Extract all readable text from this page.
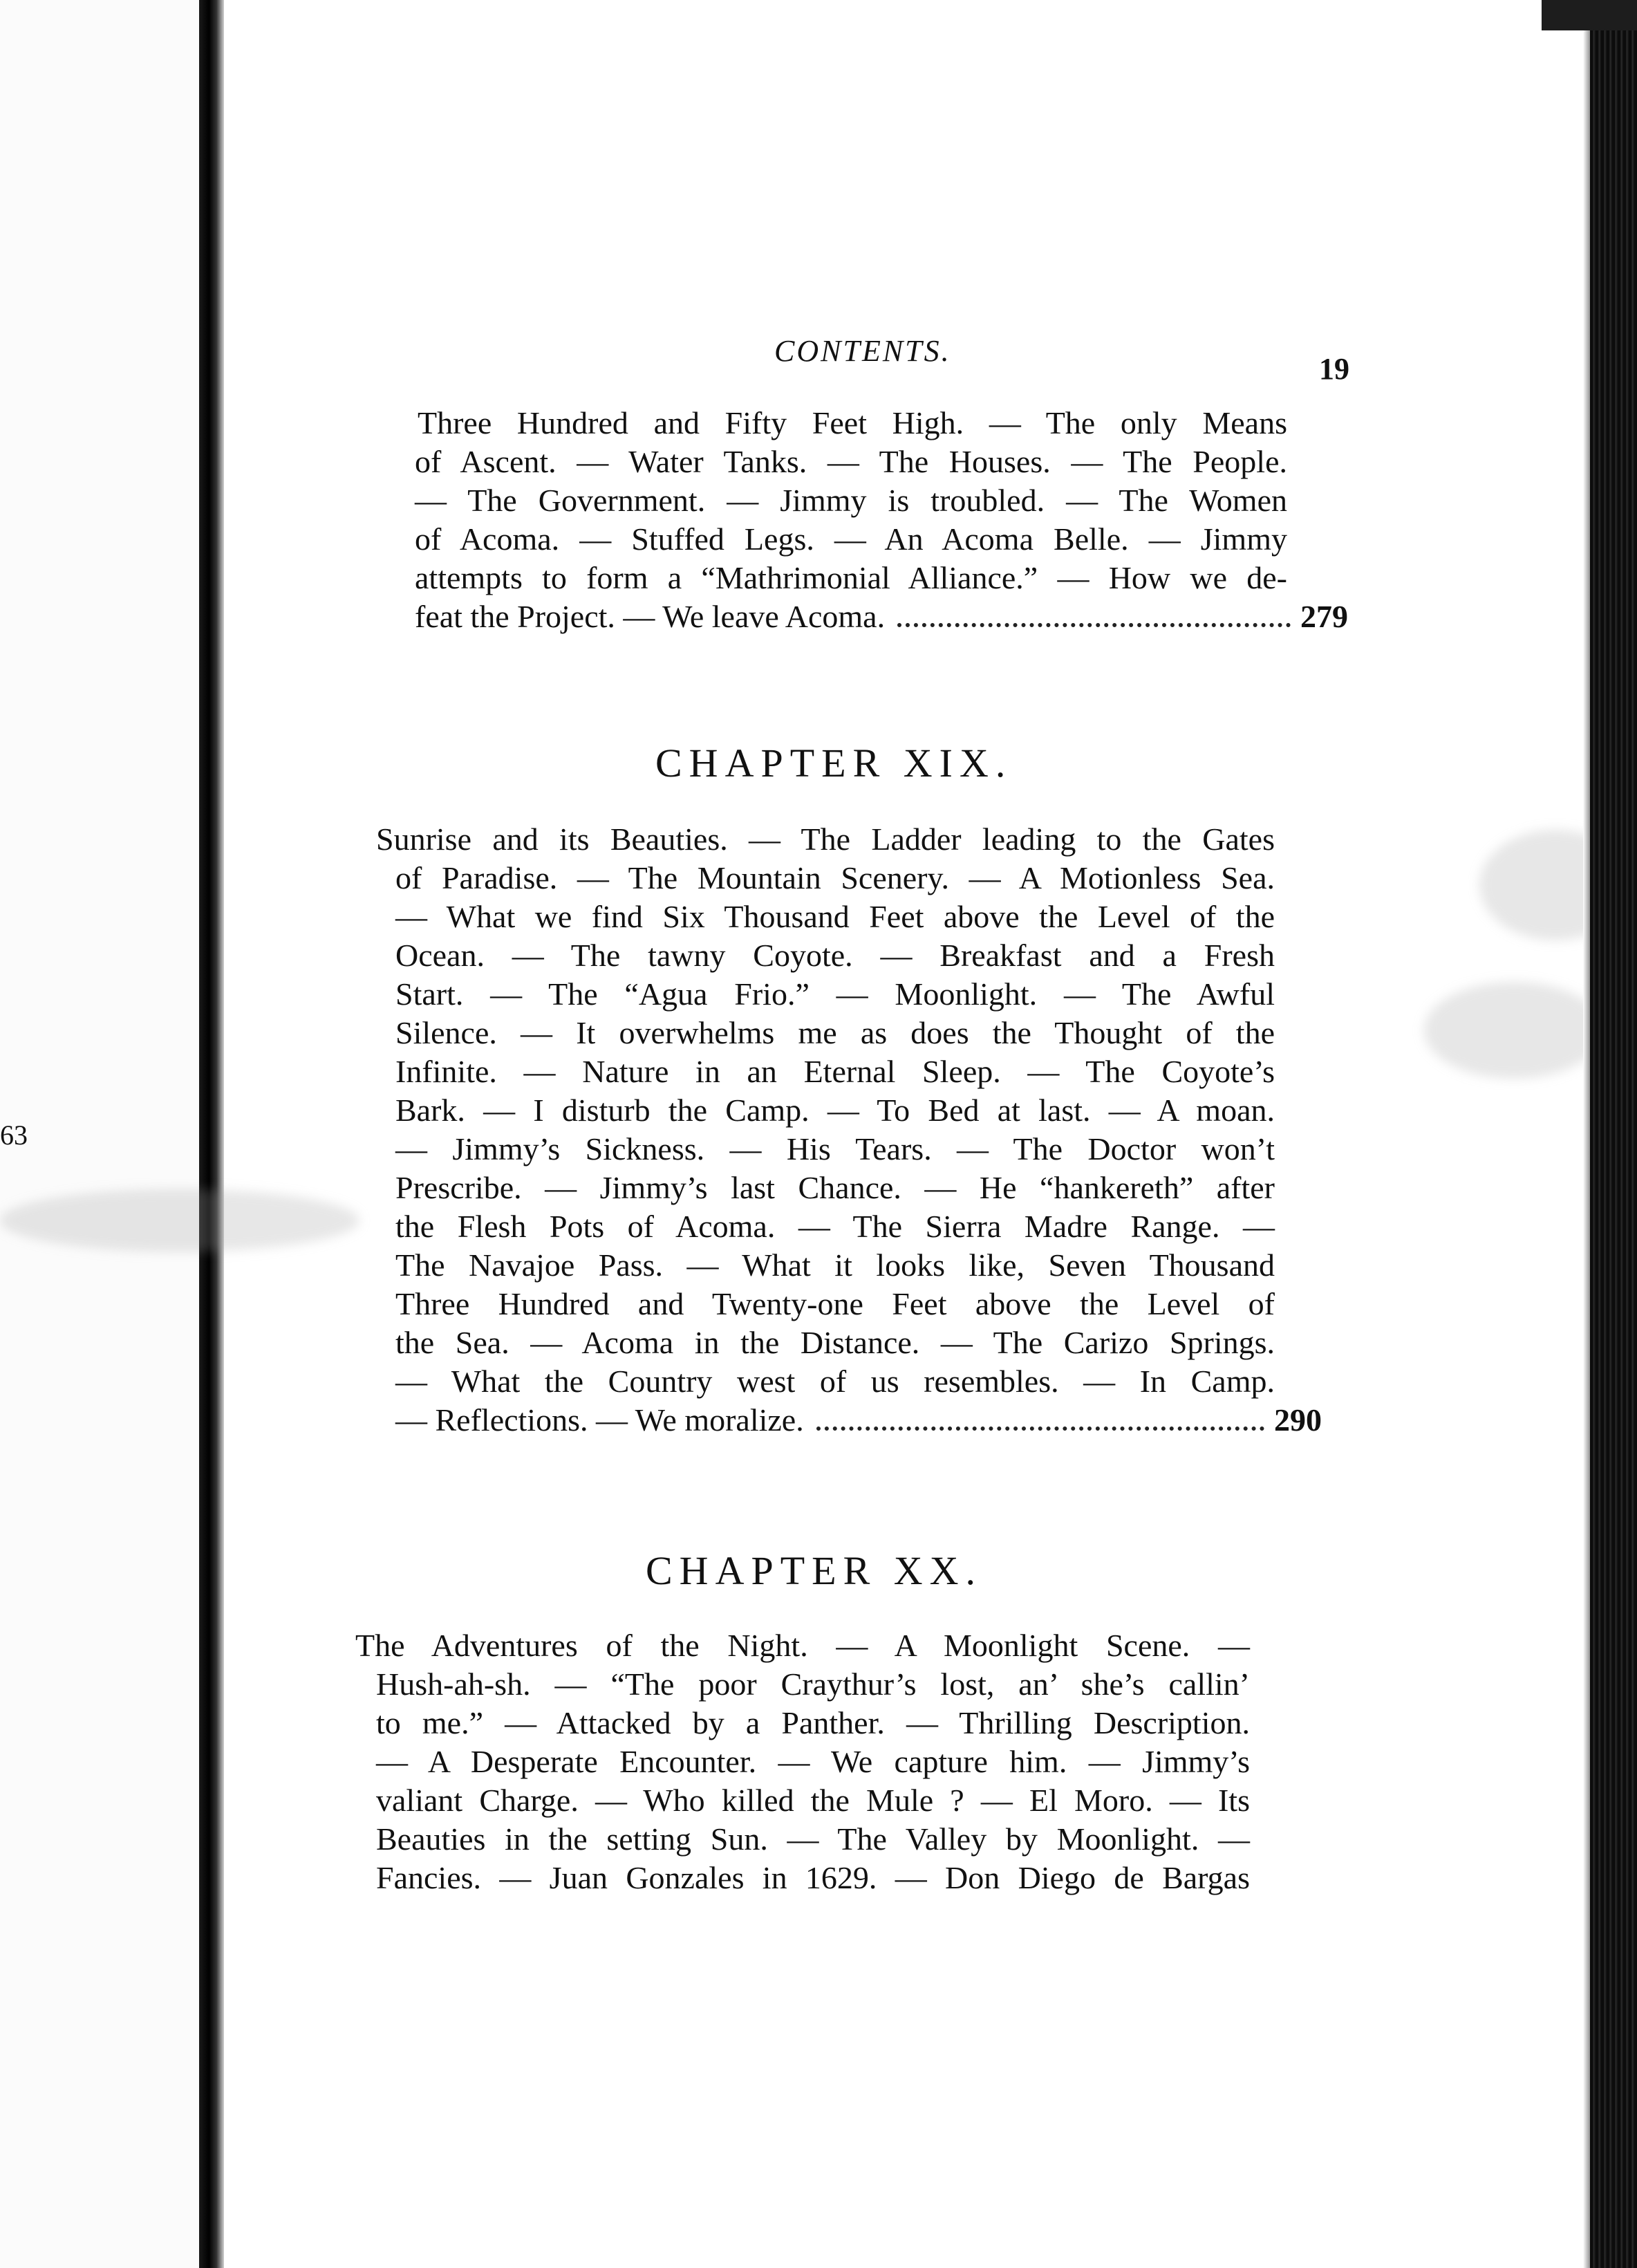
63
CONTENTS.
19
Three Hundred and Fifty Feet High. — The only Means
of Ascent. — Water Tanks. — The Houses. — The People.
— The Government. — Jimmy is troubled. — The Women
of Acoma. — Stuffed Legs. — An Acoma Belle. — Jimmy
attempts to form a “Mathrimonial Alliance.” — How we de-
feat the Project. — We leave Acoma.	279
CHAPTER XIX.
Sunrise and its Beauties. — The Ladder leading to the Gates
of Paradise. — The Mountain Scenery. — A Motionless Sea.
— What we find Six Thousand Feet above the Level of the
Ocean. — The tawny Coyote. — Breakfast and a Fresh
Start. — The “Agua Frio.” — Moonlight. — The Awful
Silence. — It overwhelms me as does the Thought of the
Infinite. — Nature in an Eternal Sleep. — The Coyote’s
Bark. — I disturb the Camp. — To Bed at last. — A moan.
— Jimmy’s Sickness. — His Tears. — The Doctor won’t
Prescribe. — Jimmy’s last Chance. — He “hankereth” after
the Flesh Pots of Acoma. — The Sierra Madre Range. —
The Navajoe Pass. — What it looks like, Seven Thousand
Three Hundred and Twenty-one Feet above the Level of
the Sea. — Acoma in the Distance. — The Carizo Springs.
— What the Country west of us resembles. — In Camp.
— Reflections. — We moralize.	290
CHAPTER XX.
The Adventures of the Night. — A Moonlight Scene. —
Hush-ah-sh. — “The poor Craythur’s lost, an’ she’s callin’
to me.” — Attacked by a Panther. — Thrilling Description.
— A Desperate Encounter. — We capture him. — Jimmy’s
valiant Charge. — Who killed the Mule ? — El Moro. — Its
Beauties in the setting Sun. — The Valley by Moonlight. —
Fancies. — Juan Gonzales in 1629. — Don Diego de Bargas
